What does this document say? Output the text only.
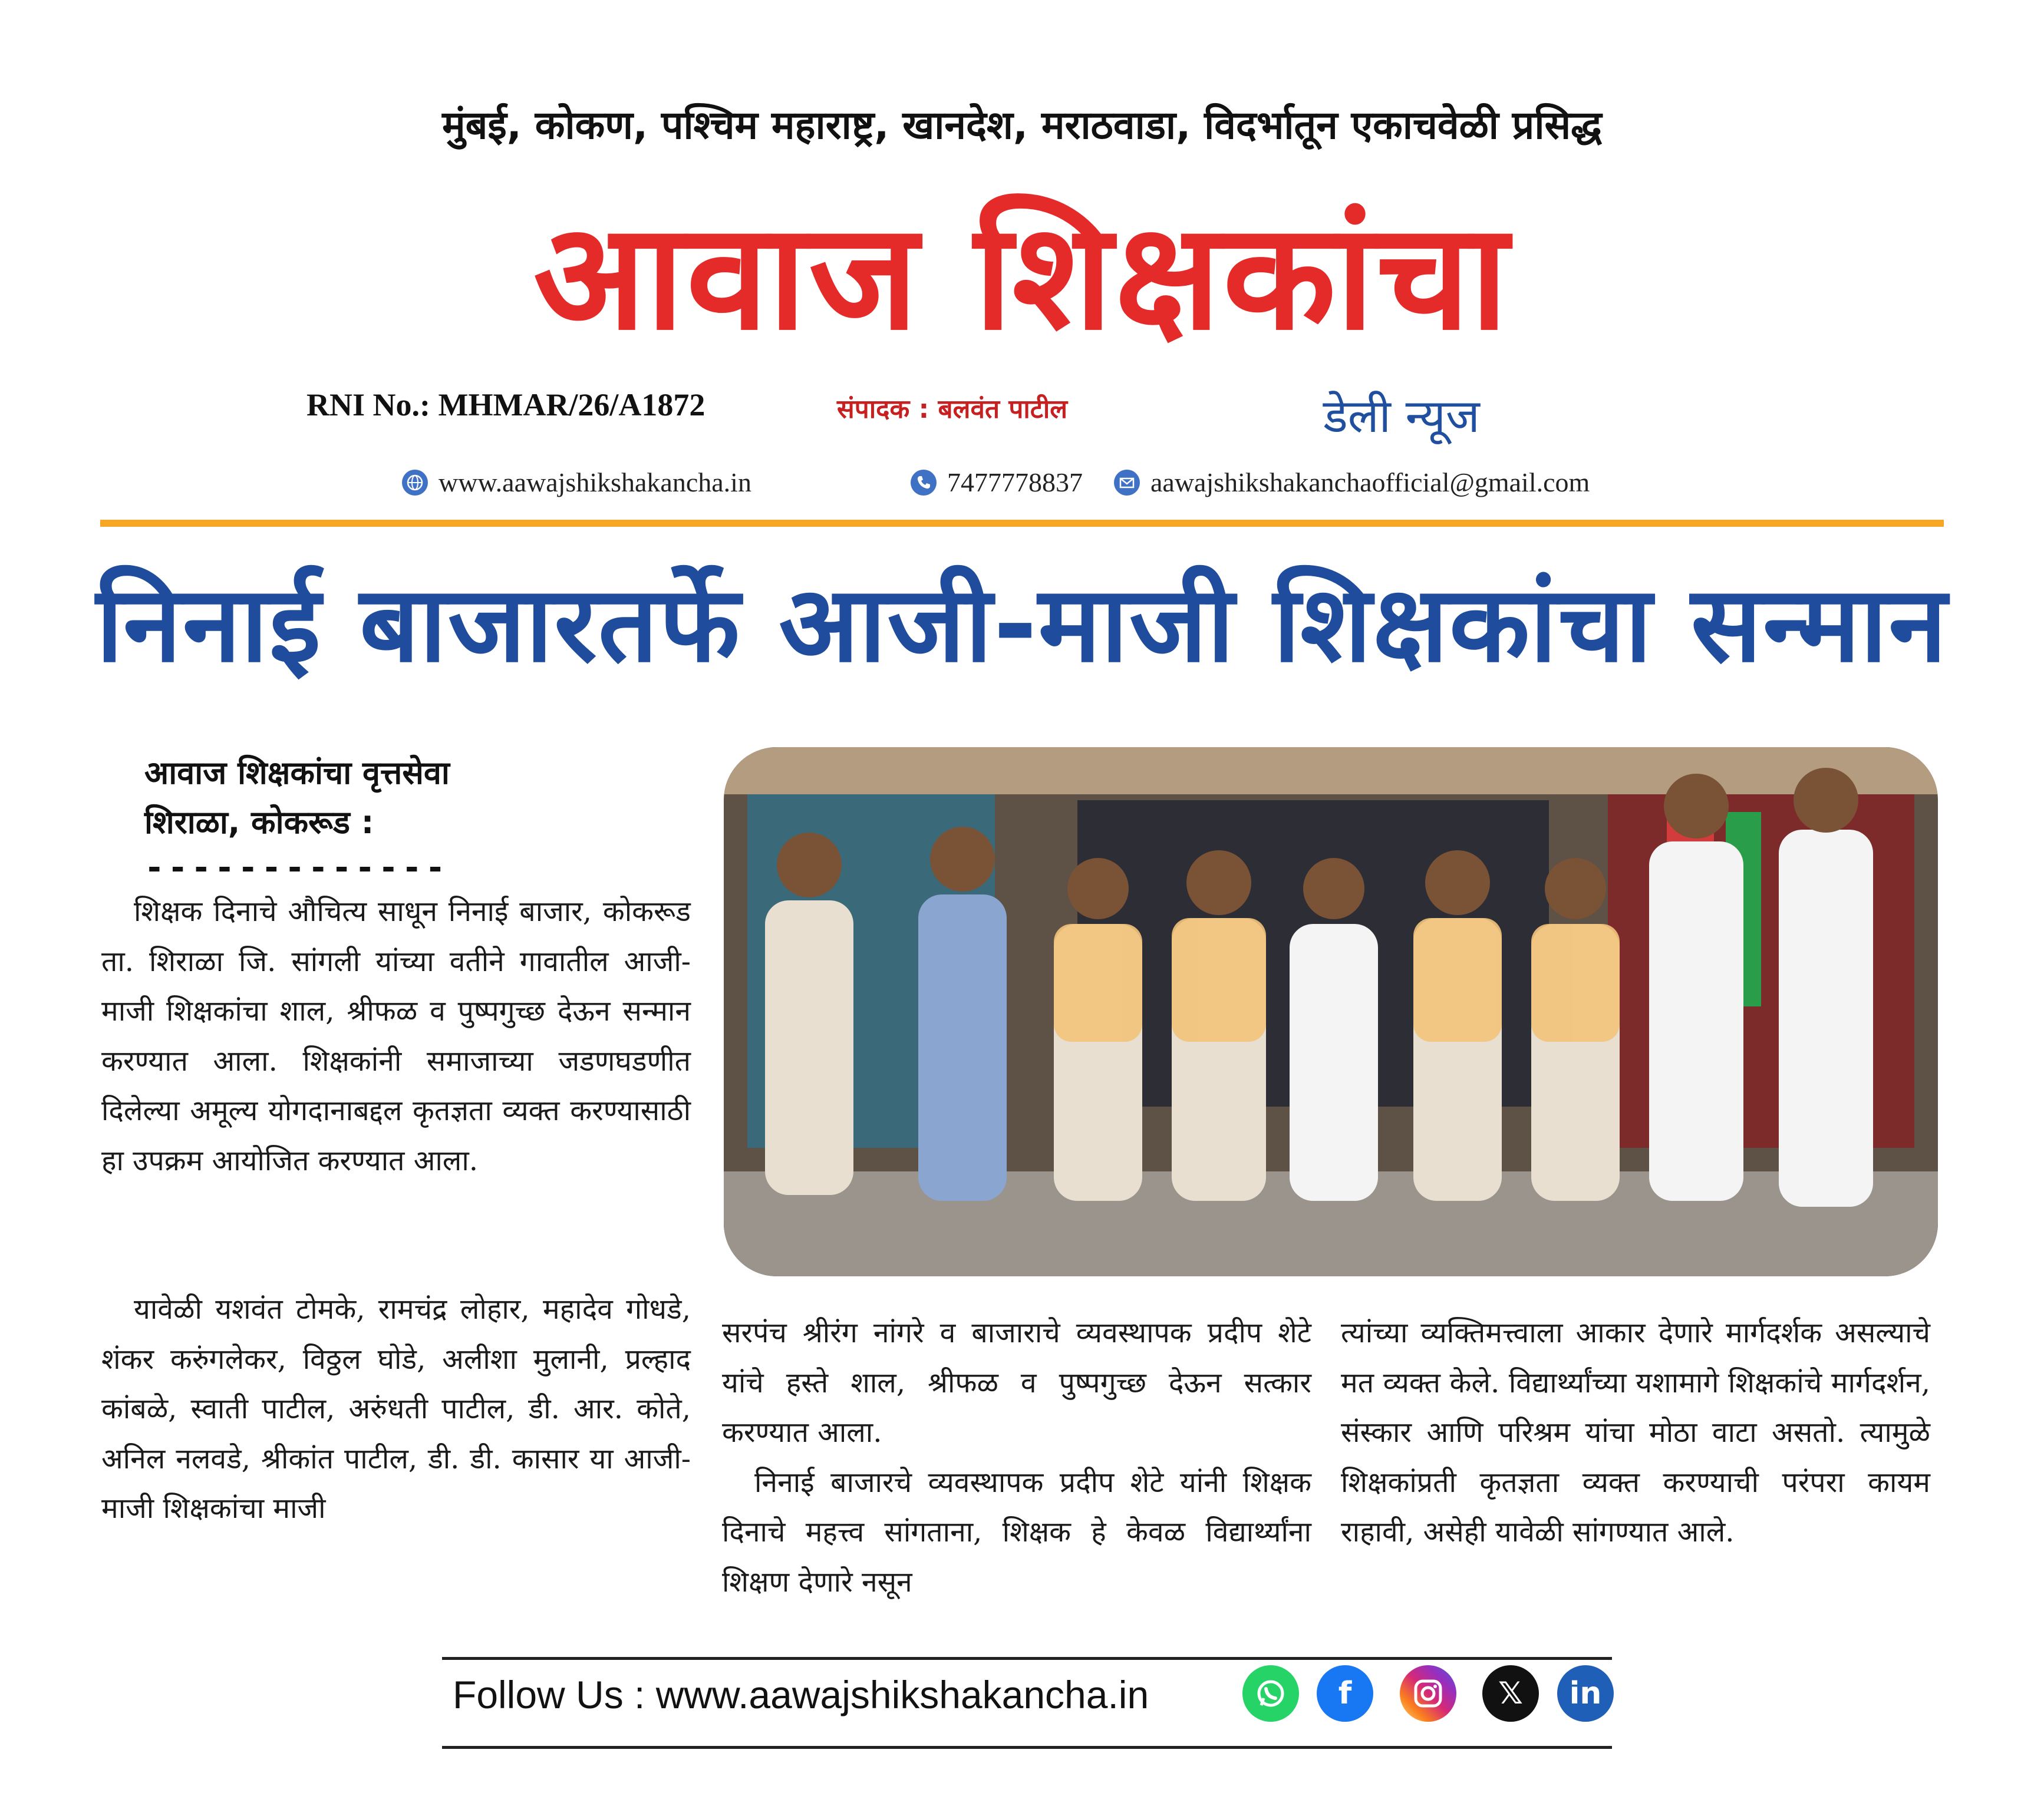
मुंबई, कोकण, पश्चिम महाराष्ट्र, खानदेश, मराठवाडा, विदर्भातून एकाचवेळी प्रसिद्ध
आवाज शिक्षकांचा
RNI No.: MHMAR/26/A1872	संपादक : बलवंत पाटील	डेली न्यूज
www.aawajshikshakancha.in	7477778837	aawajshikshakanchaofficial@gmail.com
निनाई बाजारतर्फे आजी-माजी शिक्षकांचा सन्मान
आवाज शिक्षकांचा वृत्तसेवा
शिराळा, कोकरूड :
-------------

शिक्षक दिनाचे औचित्य साधून निनाई बाजार, कोकरूड ता. शिराळा जि. सांगली यांच्या वतीने गावातील आजी-माजी शिक्षकांचा शाल, श्रीफळ व पुष्पगुच्छ देऊन सन्मान करण्यात आला. शिक्षकांनी समाजाच्या जडणघडणीत दिलेल्या अमूल्य योगदानाबद्दल कृतज्ञता व्यक्त करण्यासाठी हा उपक्रम आयोजित करण्यात आला.

यावेळी यशवंत टोमके, रामचंद्र लोहार, महादेव गोधडे, शंकर करुंगलेकर, विठ्ठल घोडे, अलीशा मुलानी, प्रल्हाद कांबळे, स्वाती पाटील, अरुंधती पाटील, डी. आर. कोते, अनिल नलवडे, श्रीकांत पाटील, डी. डी. कासार या आजी-माजी शिक्षकांचा माजी

सरपंच श्रीरंग नांगरे व बाजाराचे व्यवस्थापक प्रदीप शेटे यांचे हस्ते शाल, श्रीफळ व पुष्पगुच्छ देऊन सत्कार करण्यात आला.

निनाई बाजारचे व्यवस्थापक प्रदीप शेटे यांनी शिक्षक दिनाचे महत्त्व सांगताना, शिक्षक हे केवळ विद्यार्थ्यांना शिक्षण देणारे नसून

त्यांच्या व्यक्तिमत्त्वाला आकार देणारे मार्गदर्शक असल्याचे मत व्यक्त केले. विद्यार्थ्यांच्या यशामागे शिक्षकांचे मार्गदर्शन, संस्कार आणि परिश्रम यांचा मोठा वाटा असतो. त्यामुळे शिक्षकांप्रती कृतज्ञता व्यक्त करण्याची परंपरा कायम राहावी, असेही यावेळी सांगण्यात आले.

Follow Us : www.aawajshikshakancha.in	f	𝕏 in
